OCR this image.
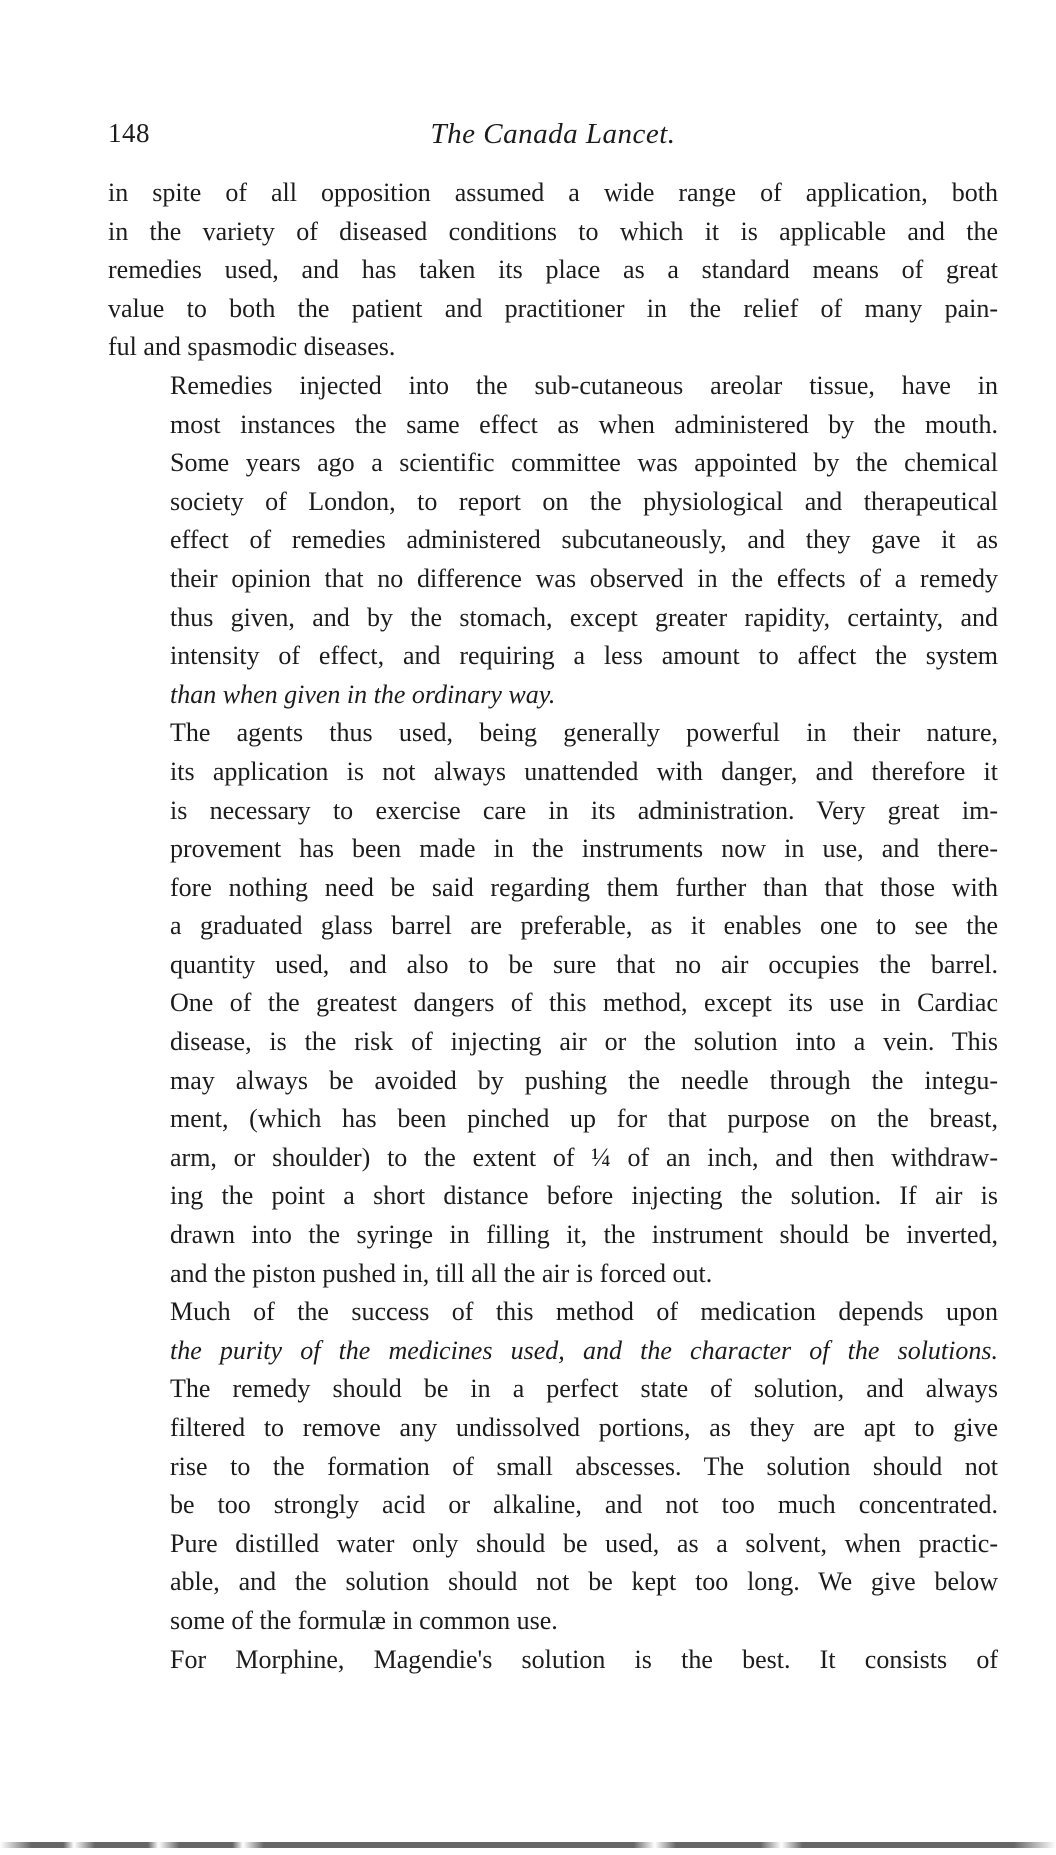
148	The Canada Lancet.

in spite of all opposition assumed a wide range of application, both
in the variety of diseased conditions to which it is applicable and the
remedies used, and has taken its place as a standard means of great
value to both the patient and practitioner in the relief of many pain-
ful and spasmodic diseases.

Remedies injected into the sub-cutaneous areolar tissue, have in
most instances the same effect as when administered by the mouth.
Some years ago a scientific committee was appointed by the chemical
society of London, to report on the physiological and therapeutical
effect of remedies administered subcutaneously, and they gave it as
their opinion that no difference was observed in the effects of a remedy
thus given, and by the stomach, except greater rapidity, certainty, and
intensity of effect, and requiring a less amount to affect the system
than when given in the ordinary way.

The agents thus used, being generally powerful in their nature,
its application is not always unattended with danger, and therefore it
is necessary to exercise care in its administration. Very great im-
provement has been made in the instruments now in use, and there-
fore nothing need be said regarding them further than that those with
a graduated glass barrel are preferable, as it enables one to see the
quantity used, and also to be sure that no air occupies the barrel.
One of the greatest dangers of this method, except its use in Cardiac
disease, is the risk of injecting air or the solution into a vein. This
may always be avoided by pushing the needle through the integu-
ment, (which has been pinched up for that purpose on the breast,
arm, or shoulder) to the extent of ¼ of an inch, and then withdraw-
ing the point a short distance before injecting the solution. If air is
drawn into the syringe in filling it, the instrument should be inverted,
and the piston pushed in, till all the air is forced out.

Much of the success of this method of medication depends upon
the purity of the medicines used, and the character of the solutions.
The remedy should be in a perfect state of solution, and always
filtered to remove any undissolved portions, as they are apt to give
rise to the formation of small abscesses. The solution should not
be too strongly acid or alkaline, and not too much concentrated.
Pure distilled water only should be used, as a solvent, when practic-
able, and the solution should not be kept too long. We give below
some of the formulæ in common use.

For Morphine, Magendie's solution is the best. It consists of
